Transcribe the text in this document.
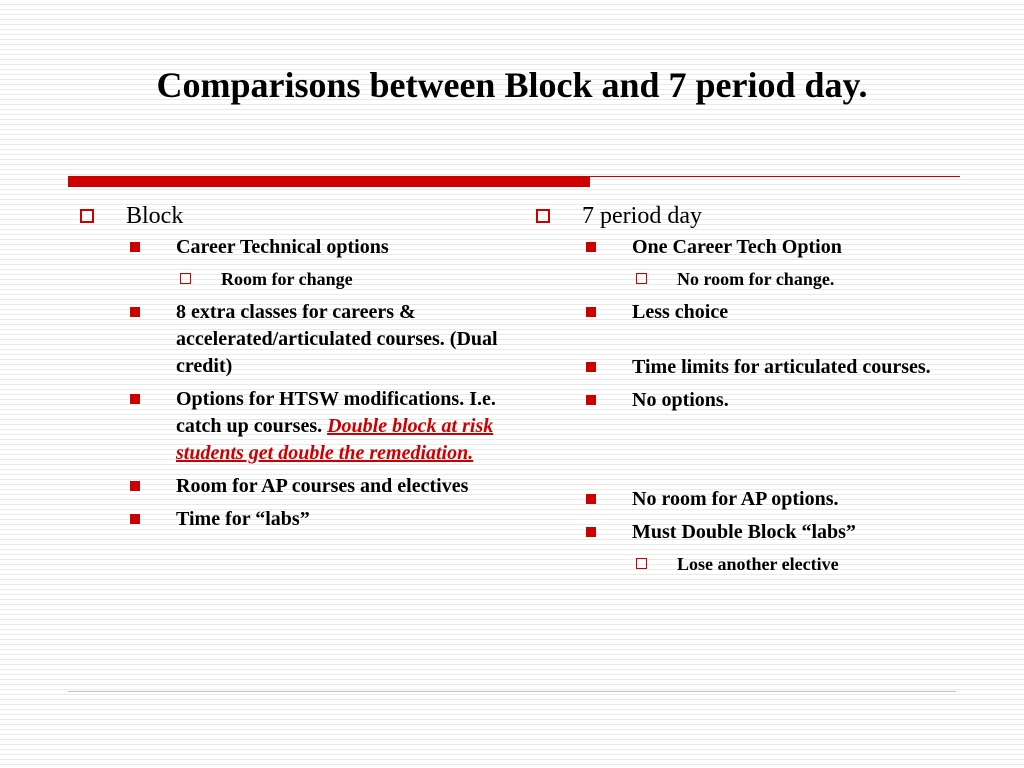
Comparisons between Block and 7 period day.
Block
Career Technical options
Room for change
8 extra classes for careers & accelerated/articulated courses. (Dual credit)
Options for HTSW modifications. I.e. catch up courses. Double block at risk students get double the remediation.
Room for AP courses and electives
Time for “labs”
7 period day
One Career Tech Option
No room for change.
Less choice
Time limits for articulated courses.
No options.
No room for AP options.
Must Double Block “labs”
Lose another elective
